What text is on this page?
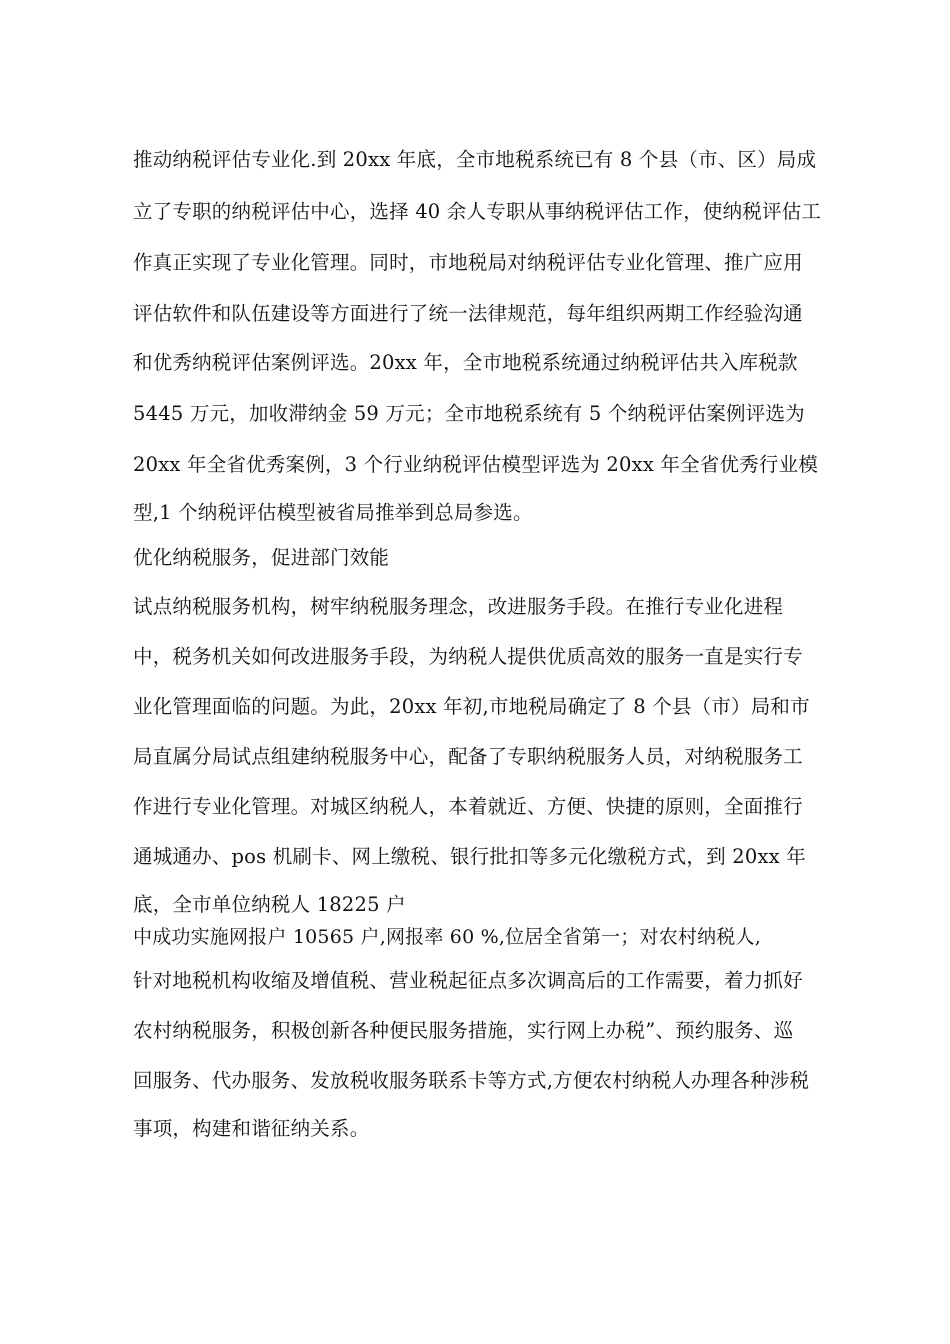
推动纳税评估专业化.到 20xx 年底，全市地税系统已有 8 个县（市、区）局成
立了专职的纳税评估中心，选择 40 余人专职从事纳税评估工作，使纳税评估工
作真正实现了专业化管理。同时，市地税局对纳税评估专业化管理、推广应用
评估软件和队伍建设等方面进行了统一法律规范，每年组织两期工作经验沟通
和优秀纳税评估案例评选。20xx 年，全市地税系统通过纳税评估共入库税款
5445 万元，加收滞纳金 59 万元；全市地税系统有 5 个纳税评估案例评选为
20xx 年全省优秀案例，3 个行业纳税评估模型评选为 20xx 年全省优秀行业模
型,1 个纳税评估模型被省局推举到总局参选。
优化纳税服务，促进部门效能
试点纳税服务机构，树牢纳税服务理念，改进服务手段。在推行专业化进程
中，税务机关如何改进服务手段，为纳税人提供优质高效的服务一直是实行专
业化管理面临的问题。为此，20xx 年初,市地税局确定了 8 个县（市）局和市
局直属分局试点组建纳税服务中心，配备了专职纳税服务人员，对纳税服务工
作进行专业化管理。对城区纳税人，本着就近、方便、快捷的原则，全面推行
通城通办、pos 机刷卡、网上缴税、银行批扣等多元化缴税方式，到 20xx 年
底，全市单位纳税人 18225 户
中成功实施网报户 10565 户,网报率 60 %,位居全省第一；对农村纳税人,
针对地税机构收缩及增值税、营业税起征点多次调高后的工作需要，着力抓好
农村纳税服务，积极创新各种便民服务措施，实行网上办税”、预约服务、巡
回服务、代办服务、发放税收服务联系卡等方式,方便农村纳税人办理各种涉税
事项，构建和谐征纳关系。
